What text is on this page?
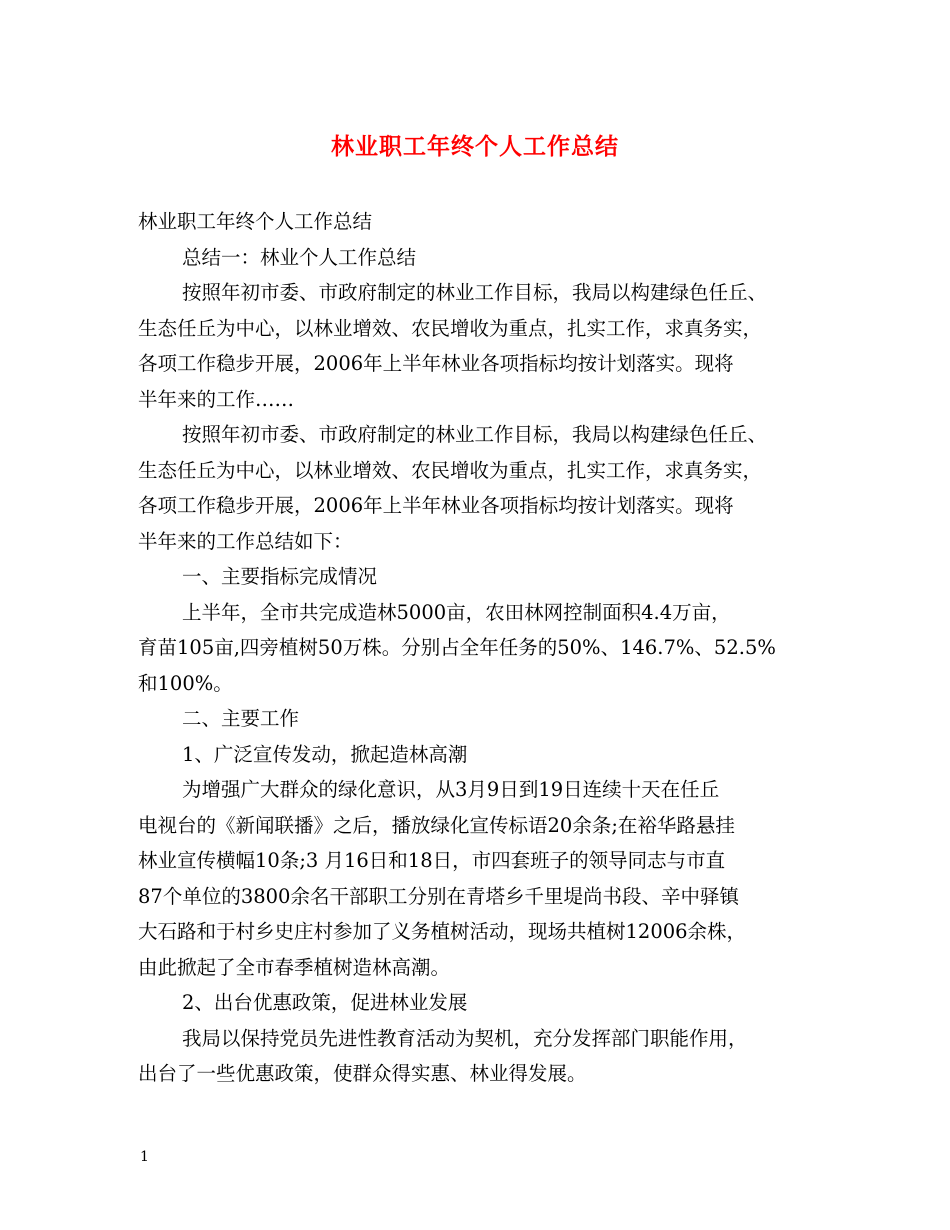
林业职工年终个人工作总结
林业职工年终个人工作总结
总结一：林业个人工作总结
按照年初市委、市政府制定的林业工作目标，我局以构建绿色任丘、
生态任丘为中心，以林业增效、农民增收为重点，扎实工作，求真务实，
各项工作稳步开展，2006年上半年林业各项指标均按计划落实。现将
半年来的工作……
按照年初市委、市政府制定的林业工作目标，我局以构建绿色任丘、
生态任丘为中心，以林业增效、农民增收为重点，扎实工作，求真务实，
各项工作稳步开展，2006年上半年林业各项指标均按计划落实。现将
半年来的工作总结如下：
一、主要指标完成情况
上半年，全市共完成造林5000亩，农田林网控制面积4.4万亩，
育苗105亩,四旁植树50万株。分别占全年任务的50%、146.7%、52.5%
和100%。
二、主要工作
1、广泛宣传发动，掀起造林高潮
为增强广大群众的绿化意识，从3月9日到19日连续十天在任丘
电视台的《新闻联播》之后，播放绿化宣传标语20余条;在裕华路悬挂
林业宣传横幅10条;3 月16日和18日，市四套班子的领导同志与市直
87个单位的3800余名干部职工分别在青塔乡千里堤尚书段、辛中驿镇
大石路和于村乡史庄村参加了义务植树活动，现场共植树12006余株，
由此掀起了全市春季植树造林高潮。
2、出台优惠政策，促进林业发展
我局以保持党员先进性教育活动为契机，充分发挥部门职能作用，
出台了一些优惠政策，使群众得实惠、林业得发展。
1
